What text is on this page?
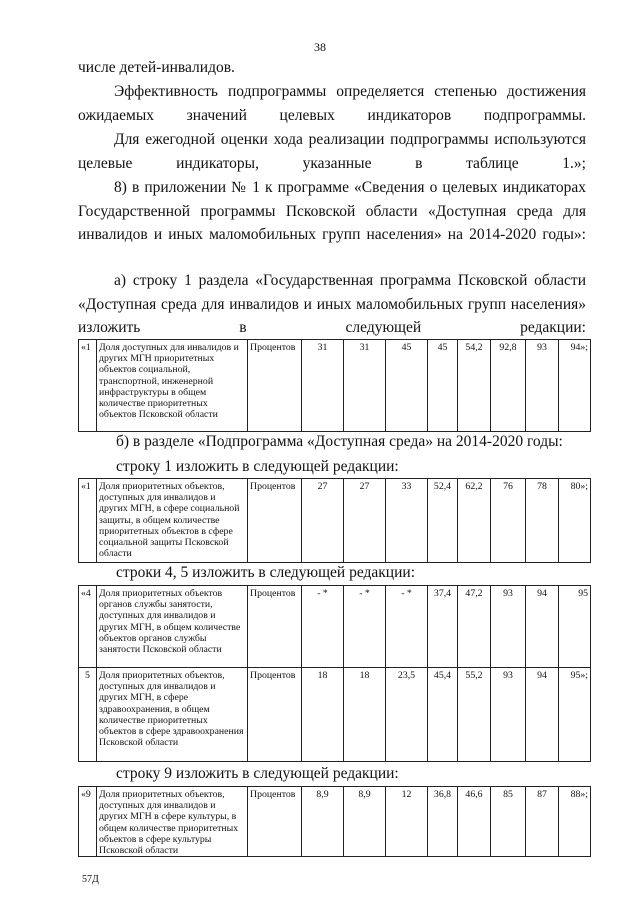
38
числе детей-инвалидов.
Эффективность подпрограммы определяется степенью достижения ожидаемых значений целевых индикаторов подпрограммы.
Для ежегодной оценки хода реализации подпрограммы используются целевые индикаторы, указанные в таблице 1.»;
8) в приложении № 1 к программе «Сведения о целевых индикаторах Государственной программы Псковской области «Доступная среда для инвалидов и иных маломобильных групп населения» на 2014-2020 годы»:
а) строку 1 раздела «Государственная программа Псковской области «Доступная среда для инвалидов и иных маломобильных групп населения» изложить в следующей редакции:
«1	Доля доступных для инвалидов и других МГН приоритетных объектов социальной, транспортной, инженерной инфраструктуры в общем количестве приоритетных объектов Псковской области	Процентов	31	31	45	45	54,2	92,8	93	94»;
б) в разделе «Подпрограмма «Доступная среда» на 2014-2020 годы:
строку 1 изложить в следующей редакции:
«1	Доля приоритетных объектов, доступных для инвалидов и других МГН, в сфере социальной защиты, в общем количестве приоритетных объектов в сфере социальной защиты Псковской области	Процентов	27	27	33	52,4	62,2	76	78	80»;
строки 4, 5 изложить в следующей редакции:
«4	Доля приоритетных объектов органов службы занятости, доступных для инвалидов и других МГН, в общем количестве объектов органов службы занятости Псковской области	Процентов	- *	- *	- *	37,4	47,2	93	94	95
5	Доля приоритетных объектов, доступных для инвалидов и других МГН, в сфере здравоохранения, в общем количестве приоритетных объектов в сфере здравоохранения Псковской области	Процентов	18	18	23,5	45,4	55,2	93	94	95»;
строку 9 изложить в следующей редакции:
«9	Доля приоритетных объектов, доступных для инвалидов и других МГН в сфере культуры, в общем количестве приоритетных объектов в сфере культуры Псковской области	Процентов	8,9	8,9	12	36,8	46,6	85	87	88»;
57Д
